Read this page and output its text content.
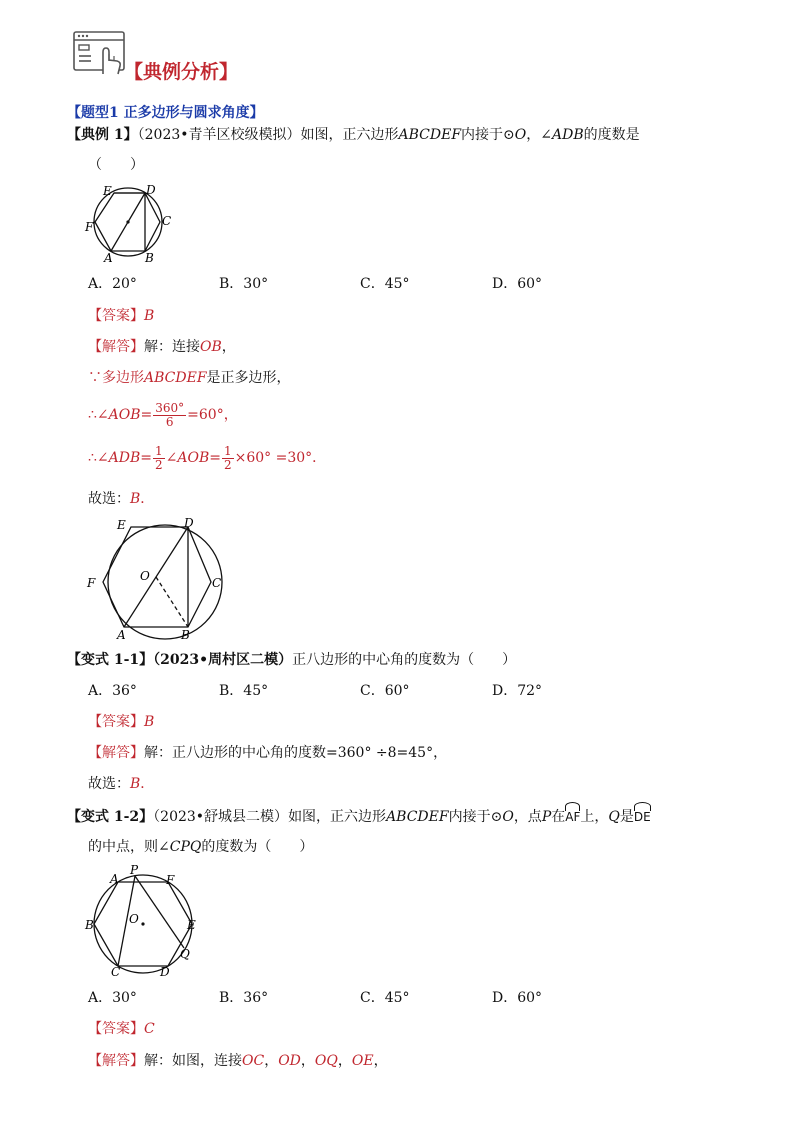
【典例分析】
【题型1 正多边形与圆求角度】
【典例 1】（2023•青羊区校级模拟）如图，正六边形ABCDEF内接于⊙O，∠ADB的度数是
（　　）
E	D
C
F
A	B
A．20°	B．30°	C．45°	D．60°
【答案】B
【解答】解：连接OB，
∵多边形ABCDEF是正多边形，
∴∠AOB= $\frac{360^\circ}{6} =60^\circ$，
∴∠ADB= $\frac{1}{2}$ ∠AOB= $\frac{1}{2} \times 60^\circ =30^\circ$．
故选：B．
E	D
C
F
A	B
O
【变式 1-1】（2023•周村区二模）正八边形的中心角的度数为（　　）
A．36°	B．45°	C．60°	D．72°
【答案】B
【解答】解：正八边形的中心角的度数=360° ÷8=45°，
故选：B．
【变式 1-2】（2023•舒城县二模）如图，正六边形ABCDEF内接于⊙O，点P在AF上，Q是DE
的中点，则∠CPQ的度数为（　　）
A
P
F
B	O	E
C	D
Q
A．30°	B．36°	C．45°	D．60°
【答案】C
【解答】解：如图，连接OC，OD，OQ，OE，
